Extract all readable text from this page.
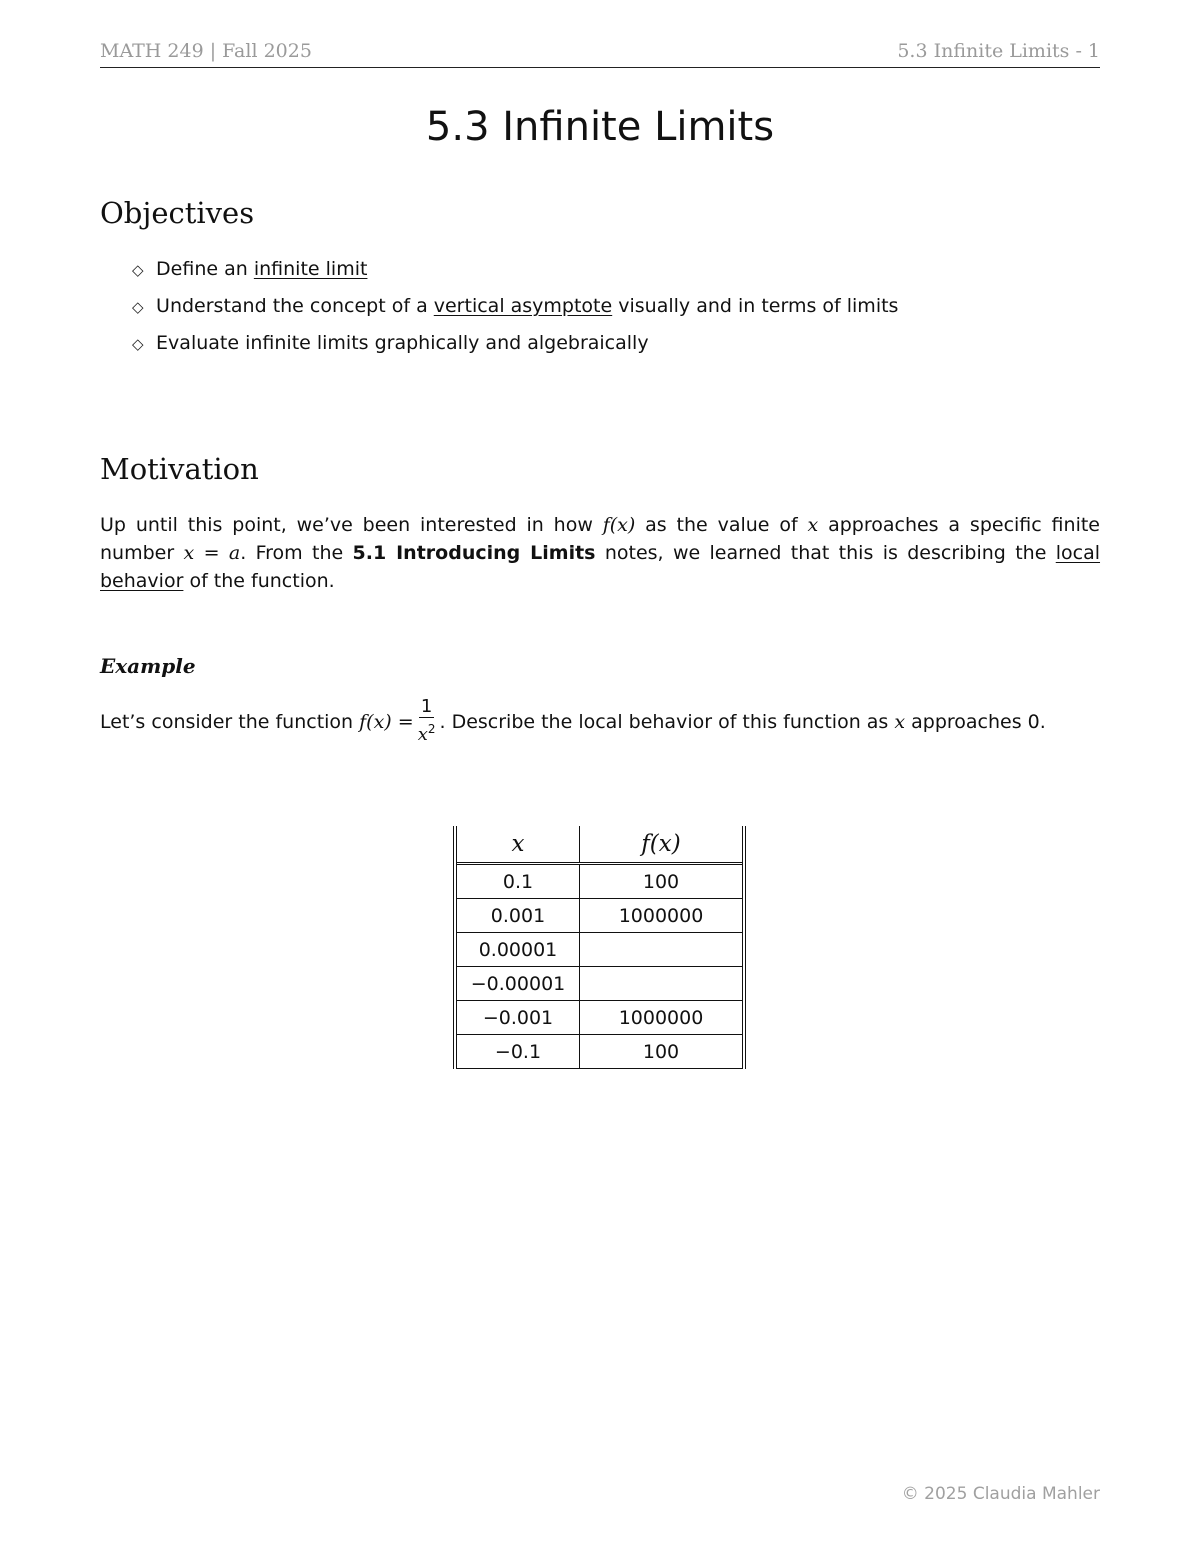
MATH 249 | Fall 2025	5.3 Infinite Limits - 1
5.3 Infinite Limits
Objectives
◇ Define an infinite limit
◇ Understand the concept of a vertical asymptote visually and in terms of limits
◇ Evaluate infinite limits graphically and algebraically
Motivation
Up until this point, we’ve been interested in how f(x) as the value of x approaches a specific finite number x = a. From the 5.1 Introducing Limits notes, we learned that this is describing the local behavior of the function.
Example
Let’s consider the function $f(x) = \frac{1}{x^2}$ . Describe the local behavior of this function as x approaches 0.
x	f(x)
0.1	100
0.001	1000000
0.00001	
−0.00001	
−0.001	1000000
−0.1	100
© 2025 Claudia Mahler
